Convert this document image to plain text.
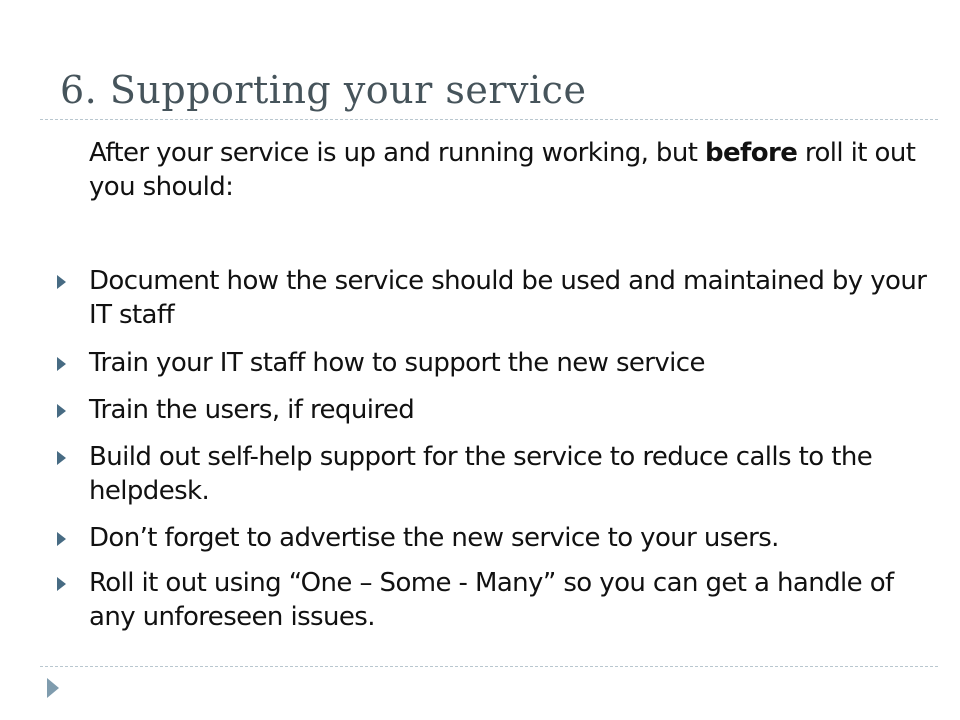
6. Supporting your service
After your service is up and running working, but before roll it out you should:
Document how the service should be used and maintained by your IT staff
Train your IT staff how to support the new service
Train the users, if required
Build out self-help support for the service to reduce calls to the helpdesk.
Don’t forget to advertise the new service to your users.
Roll it out using “One – Some - Many” so you can get a handle of any unforeseen issues.
